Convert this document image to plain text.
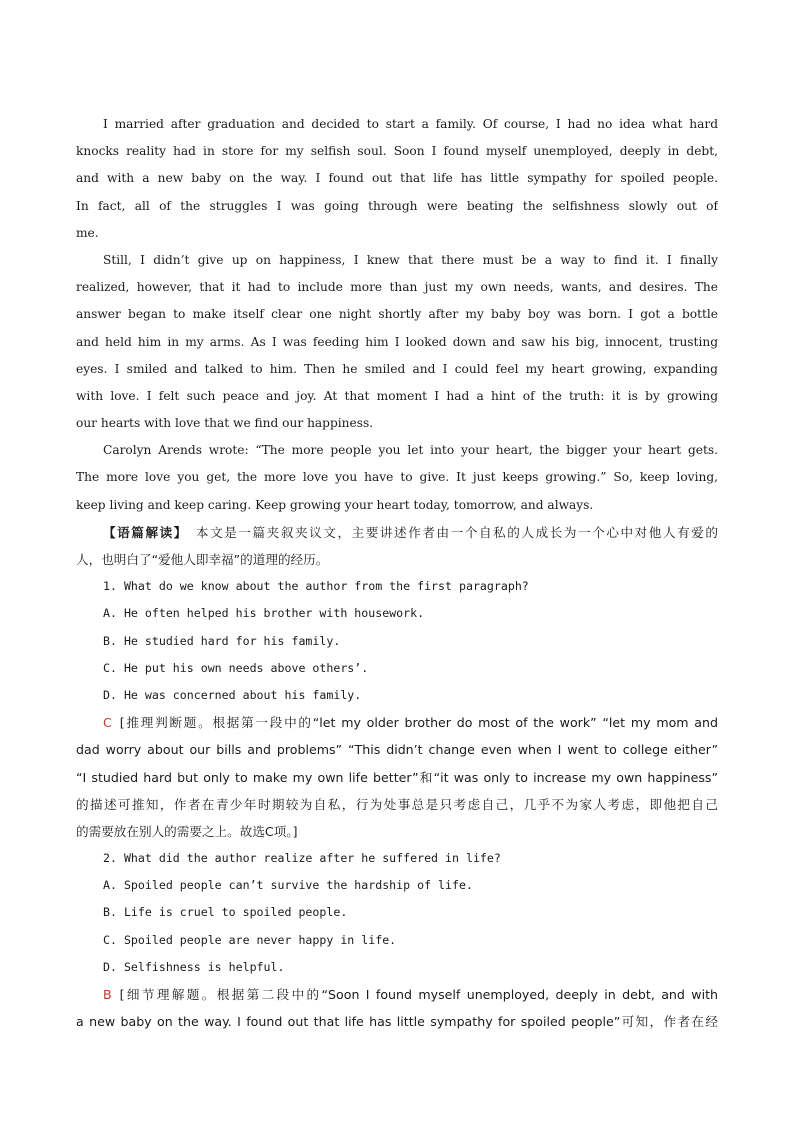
I married after graduation and decided to start a family. Of course, I had no idea what hard
knocks reality had in store for my selfish soul. Soon I found myself unemployed, deeply in debt,
and with a new baby on the way. I found out that life has little sympathy for spoiled people.
In fact, all of the struggles I was going through were beating the selfishness slowly out of
me.
Still, I didn’t give up on happiness, I knew that there must be a way to find it. I finally
realized, however, that it had to include more than just my own needs, wants, and desires. The
answer began to make itself clear one night shortly after my baby boy was born. I got a bottle
and held him in my arms. As I was feeding him I looked down and saw his big, innocent, trusting
eyes. I smiled and talked to him. Then he smiled and I could feel my heart growing, expanding
with love. I felt such peace and joy. At that moment I had a hint of the truth: it is by growing
our hearts with love that we find our happiness.
Carolyn Arends wrote: “The more people you let into your heart, the bigger your heart gets.
The more love you get, the more love you have to give. It just keeps growing.” So, keep loving,
keep living and keep caring. Keep growing your heart today, tomorrow, and always.
【语篇解读】 本文是一篇夹叙夹议文，主要讲述作者由一个自私的人成长为一个心中对他人有爱的
人，也明白了“爱他人即幸福”的道理的经历。
1. What do we know about the author from the first paragraph?
A. He often helped his brother with housework.
B. He studied hard for his family.
C. He put his own needs above others’.
D. He was concerned about his family.
C [推理判断题。根据第一段中的“let my older brother do most of the work” “let my mom and
dad worry about our bills and problems” “This didn’t change even when I went to college either”
“I studied hard but only to make my own life better”和“it was only to increase my own happiness”
的描述可推知，作者在青少年时期较为自私，行为处事总是只考虑自己，几乎不为家人考虑，即他把自己
的需要放在别人的需要之上。故选C项。]
2. What did the author realize after he suffered in life?
A. Spoiled people can’t survive the hardship of life.
B. Life is cruel to spoiled people.
C. Spoiled people are never happy in life.
D. Selfishness is helpful.
B [细节理解题。根据第二段中的“Soon I found myself unemployed, deeply in debt, and with
a new baby on the way. I found out that life has little sympathy for spoiled people”可知，作者在经
